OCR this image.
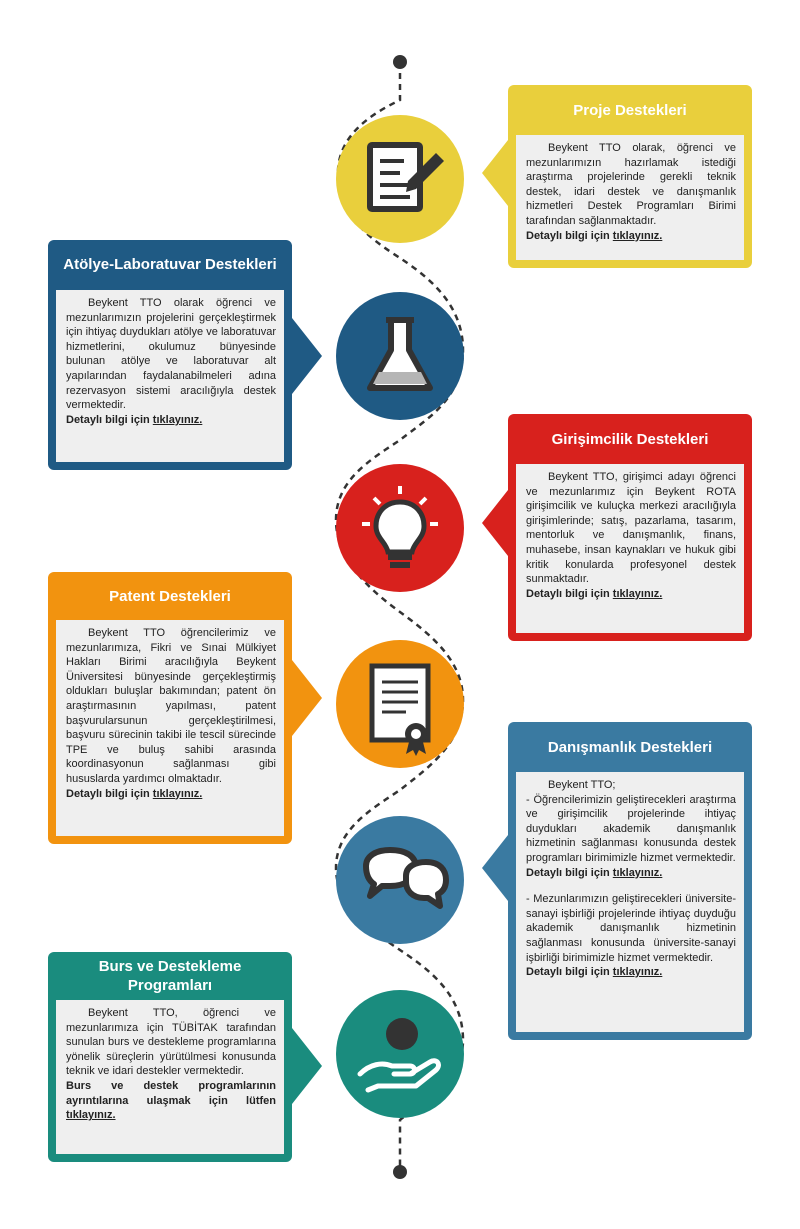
Proje Destekleri

Beykent TTO olarak, öğrenci ve mezunlarımızın hazırlamak istediği araştırma projelerinde gerekli teknik destek, idari destek ve danışmanlık hizmetleri Destek Programları Birimi tarafından sağlanmaktadır.

Detaylı bilgi için tıklayınız.

Atölye-Laboratuvar Destekleri

Beykent TTO olarak öğrenci ve mezunlarımızın projelerini gerçekleştirmek için ihtiyaç duydukları atölye ve laboratuvar hizmetlerini, okulumuz bünyesinde bulunan atölye ve laboratuvar alt yapılarından faydalanabilmeleri adına rezervasyon sistemi aracılığıyla destek vermektedir.

Detaylı bilgi için tıklayınız.

Girişimcilik Destekleri

Beykent TTO, girişimci adayı öğrenci ve mezunlarımız için Beykent ROTA girişimcilik ve kuluçka merkezi aracılığıyla girişimlerinde; satış, pazarlama, tasarım, mentorluk ve danışmanlık, finans, muhasebe, insan kaynakları ve hukuk gibi kritik konularda profesyonel destek sunmaktadır.

Detaylı bilgi için tıklayınız.

Patent Destekleri

Beykent TTO öğrencilerimiz ve mezunlarımıza, Fikri ve Sınai Mülkiyet Hakları Birimi aracılığıyla Beykent Üniversitesi bünyesinde gerçekleştirmiş oldukları buluşlar bakımından; patent ön araştırmasının yapılması, patent başvurularsunun gerçekleştirilmesi, başvuru sürecinin takibi ile tescil sürecinde TPE ve buluş sahibi arasında koordinasyonun sağlanması gibi hususlarda yardımcı olmaktadır.

Detaylı bilgi için tıklayınız.

Danışmanlık Destekleri

Beykent TTO;

- Öğrencilerimizin geliştirecekleri araştırma ve girişimcilik projelerinde ihtiyaç duydukları akademik danışmanlık hizmetinin sağlanması konusunda destek programları birimimizle hizmet vermektedir.

Detaylı bilgi için tıklayınız.

- Mezunlarımızın geliştirecekleri üniversite-sanayi işbirliği projelerinde ihtiyaç duyduğu akademik danışmanlık hizmetinin sağlanması konusunda üniversite-sanayi işbirliği birimimizle hizmet vermektedir.

Detaylı bilgi için tıklayınız.

Burs ve Destekleme Programları

Beykent TTO, öğrenci ve mezunlarımıza için TÜBİTAK tarafından sunulan burs ve destekleme programlarına yönelik süreçlerin yürütülmesi konusunda teknik ve idari destekler vermektedir.

Burs ve destek programlarının ayrıntılarına ulaşmak için lütfen tıklayınız.
